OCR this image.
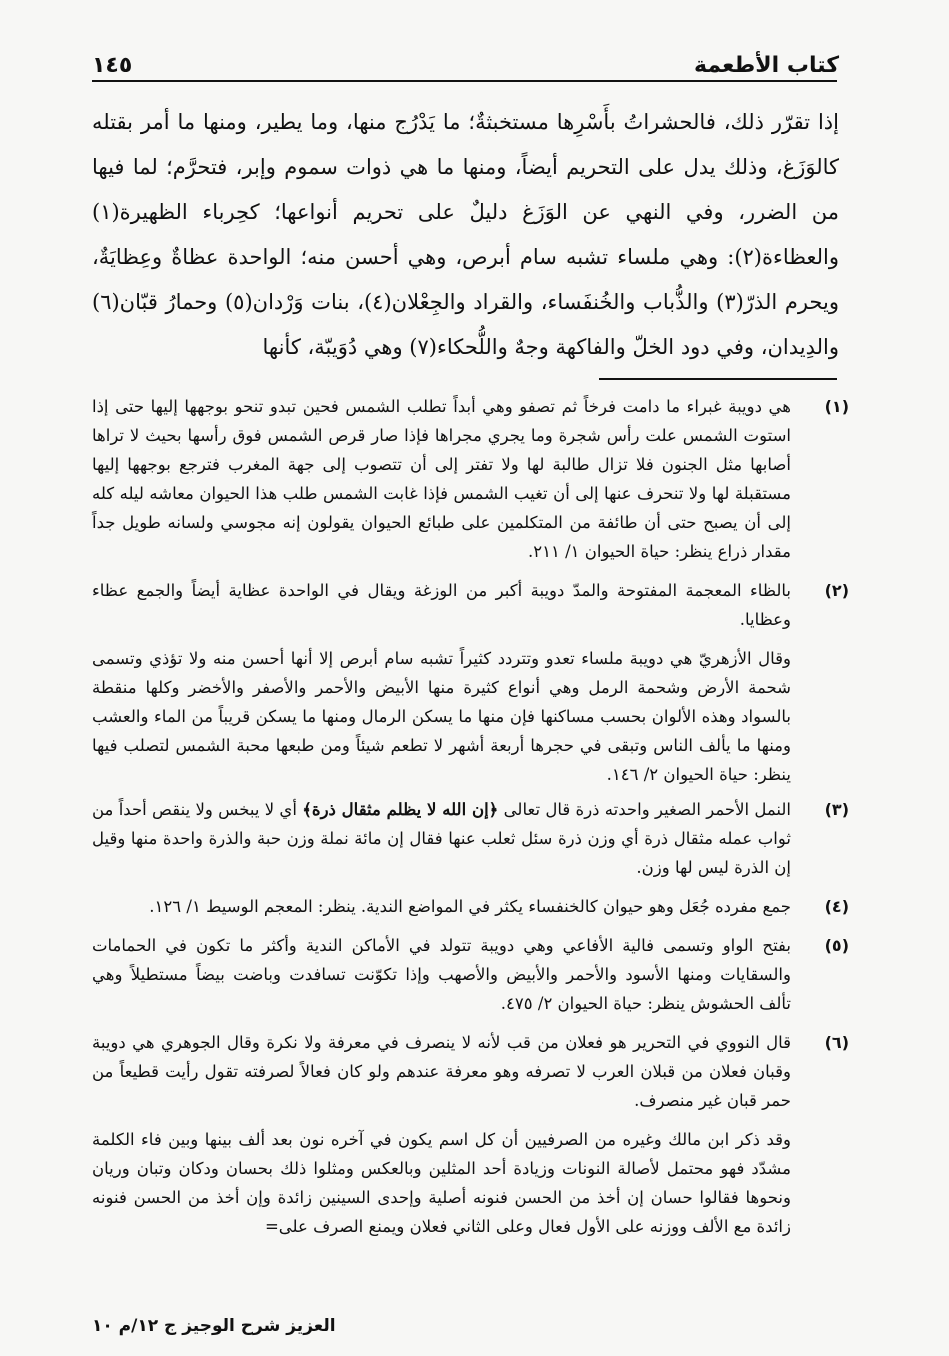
كتاب الأطعمة
١٤٥

إذا تقرّر ذلك، فالحشراتُ بأَسْرِها مستخبثةٌ؛ ما يَدْرُج منها، وما يطير، ومنها ما أمر بقتله كالوَزَغ، وذلك يدل على التحريم أيضاً، ومنها ما هي ذوات سموم وإبر، فتحرَّم؛ لما فيها من الضرر، وفي النهي عن الوَزَغ دليلٌ على تحريم أنواعها؛ كحِرباء الظهيرة(١) والعظاءة(٢): وهي ملساء تشبه سام أبرص، وهي أحسن منه؛ الواحدة عظاةٌ وعِظايَةٌ، ويحرم الذرّ(٣) والذُّباب والخُنفَساء، والقراد والجِعْلان(٤)، بنات وَرْدان(٥) وحمارُ قبّان(٦) والدِيدان، وفي دود الخلّ والفاكهة وجهٌ واللُّحكاء(٧) وهي دُوَيبّة، كأنها

(١)

هي دويبة غبراء ما دامت فرخاً ثم تصفو وهي أبداً تطلب الشمس فحين تبدو تنحو بوجهها إليها حتى إذا استوت الشمس علت رأس شجرة وما يجري مجراها فإذا صار قرص الشمس فوق رأسها بحيث لا تراها أصابها مثل الجنون فلا تزال طالبة لها ولا تفتر إلى أن تتصوب إلى جهة المغرب فترجع بوجهها إليها مستقبلة لها ولا تنحرف عنها إلى أن تغيب الشمس فإذا غابت الشمس طلب هذا الحيوان معاشه ليله كله إلى أن يصبح حتى أن طائفة من المتكلمين على طبائع الحيوان يقولون إنه مجوسي ولسانه طويل جداً مقدار ذراع ينظر: حياة الحيوان ١/ ٢١١.

(٢)

بالظاء المعجمة المفتوحة والمدّ دويبة أكبر من الوزغة ويقال في الواحدة عظاية أيضاً والجمع عظاء وعظايا.

وقال الأزهريّ هي دويبة ملساء تعدو وتتردد كثيراً تشبه سام أبرص إلا أنها أحسن منه ولا تؤذي وتسمى شحمة الأرض وشحمة الرمل وهي أنواع كثيرة منها الأبيض والأحمر والأصفر والأخضر وكلها منقطة بالسواد وهذه الألوان بحسب مساكنها فإن منها ما يسكن الرمال ومنها ما يسكن قريباً من الماء والعشب ومنها ما يألف الناس وتبقى في حجرها أربعة أشهر لا تطعم شيئاً ومن طبعها محبة الشمس لتصلب فيها ينظر: حياة الحيوان ٢/ ١٤٦.

(٣)

النمل الأحمر الصغير واحدته ذرة قال تعالى ﴿إن الله لا يظلم مثقال ذرة﴾ أي لا يبخس ولا ينقص أحداً من ثواب عمله مثقال ذرة أي وزن ذرة سئل ثعلب عنها فقال إن مائة نملة وزن حبة والذرة واحدة منها وقيل إن الذرة ليس لها وزن.

(٤)

جمع مفرده جُعَل وهو حيوان كالخنفساء يكثر في المواضع الندية. ينظر: المعجم الوسيط ١/ ١٢٦.

(٥)

بفتح الواو وتسمى فالية الأفاعي وهي دويبة تتولد في الأماكن الندية وأكثر ما تكون في الحمامات والسقايات ومنها الأسود والأحمر والأبيض والأصهب وإذا تكوّنت تسافدت وباضت بيضاً مستطيلاً وهي تألف الحشوش ينظر: حياة الحيوان ٢/ ٤٧٥.

(٦)

قال النووي في التحرير هو فعلان من قب لأنه لا ينصرف في معرفة ولا نكرة وقال الجوهري هي دويبة وقبان فعلان من قبلان العرب لا تصرفه وهو معرفة عندهم ولو كان فعالاً لصرفته تقول رأيت قطيعاً من حمر قبان غير منصرف.

وقد ذكر ابن مالك وغيره من الصرفيين أن كل اسم يكون في آخره نون بعد ألف بينها وبين فاء الكلمة مشدّد فهو محتمل لأصالة النونات وزيادة أحد المثلين وبالعكس ومثلوا ذلك بحسان ودكان وتبان وريان ونحوها فقالوا حسان إن أخذ من الحسن فنونه أصلية وإحدى السينين زائدة وإن أخذ من الحسن فنونه زائدة مع الألف ووزنه على الأول فعال وعلى الثاني فعلان ويمنع الصرف على=

العزيز شرح الوجيز ج ١٢/م ١٠
